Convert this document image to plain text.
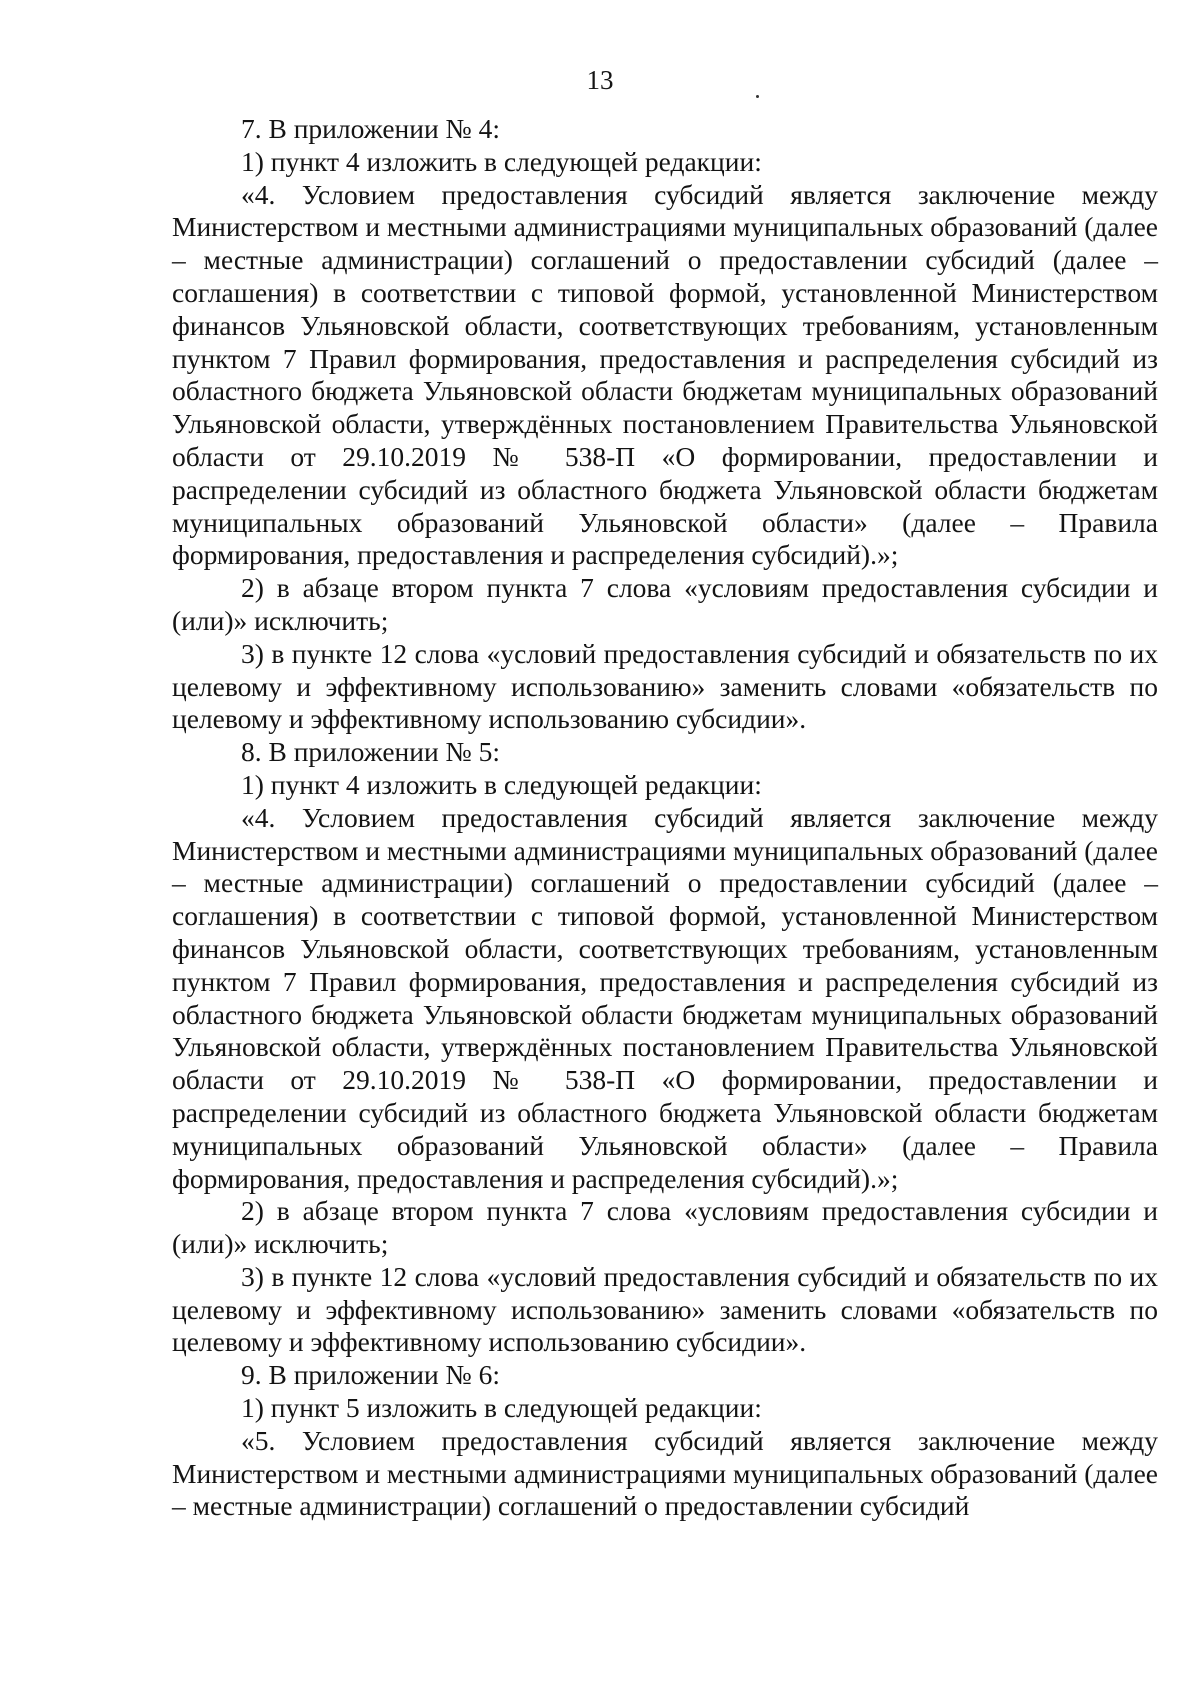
13

7. В приложении № 4:

1) пункт 4 изложить в следующей редакции:

«4. Условием предоставления субсидий является заключение между Министерством и местными администрациями муниципальных образований (далее – местные администрации) соглашений о предоставлении субсидий (далее – соглашения) в соответствии с типовой формой, установленной Министерством финансов Ульяновской области, соответствующих требованиям, установленным пунктом 7 Правил формирования, предоставления и распределения субсидий из областного бюджета Ульяновской области бюджетам муниципальных образований Ульяновской области, утверждённых постановлением Правительства Ульяновской области от 29.10.2019 № 538-П «О формировании, предоставлении и распределении субсидий из областного бюджета Ульяновской области бюджетам муниципальных образований Ульяновской области» (далее – Правила формирования, предоставления и распределения субсидий).»;

2) в абзаце втором пункта 7 слова «условиям предоставления субсидии и (или)» исключить;

3) в пункте 12 слова «условий предоставления субсидий и обязательств по их целевому и эффективному использованию» заменить словами «обязательств по целевому и эффективному использованию субсидии».

8. В приложении № 5:

1) пункт 4 изложить в следующей редакции:

«4. Условием предоставления субсидий является заключение между Министерством и местными администрациями муниципальных образований (далее – местные администрации) соглашений о предоставлении субсидий (далее – соглашения) в соответствии с типовой формой, установленной Министерством финансов Ульяновской области, соответствующих требованиям, установленным пунктом 7 Правил формирования, предоставления и распределения субсидий из областного бюджета Ульяновской области бюджетам муниципальных образований Ульяновской области, утверждённых постановлением Правительства Ульяновской области от 29.10.2019 № 538-П «О формировании, предоставлении и распределении субсидий из областного бюджета Ульяновской области бюджетам муниципальных образований Ульяновской области» (далее – Правила формирования, предоставления и распределения субсидий).»;

2) в абзаце втором пункта 7 слова «условиям предоставления субсидии и (или)» исключить;

3) в пункте 12 слова «условий предоставления субсидий и обязательств по их целевому и эффективному использованию» заменить словами «обязательств по целевому и эффективному использованию субсидии».

9. В приложении № 6:

1) пункт 5 изложить в следующей редакции:

«5. Условием предоставления субсидий является заключение между Министерством и местными администрациями муниципальных образований (далее – местные администрации) соглашений о предоставлении субсидий
